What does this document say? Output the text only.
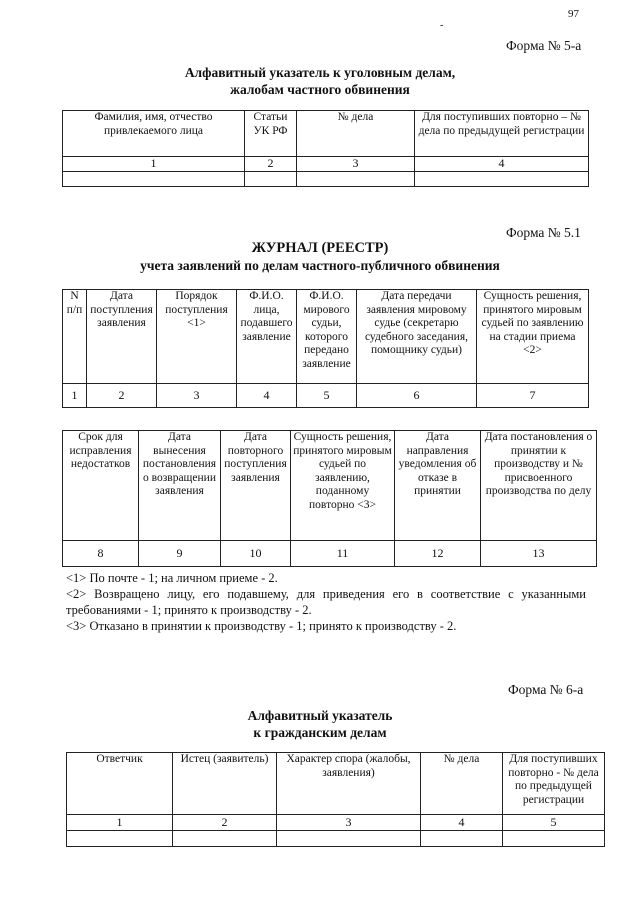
97
-
Форма № 5-а
Алфавитный указатель к уголовным делам,
жалобам частного обвинения
Фамилия, имя, отчество привлекаемого лица	Статьи УК РФ	№ дела	Для поступивших повторно – № дела по предыдущей регистрации
1	2	3	4

Форма № 5.1
ЖУРНАЛ (РЕЕСТР)
учета заявлений по делам частного-публичного обвинения
N п/п	Дата поступления заявления	Порядок поступления <1>	Ф.И.О. лица, подавшего заявление	Ф.И.О. мирового судьи, которого передано заявление	Дата передачи заявления мировому судье (секретарю судебного заседания, помощнику судьи)	Сущность решения, принятого мировым судьей по заявлению на стадии приема <2>
1	2	3	4	5	6	7
Срок для исправления недостатков	Дата вынесения постановления о возвращении заявления	Дата повторного поступления заявления	Сущность решения, принятого мировым судьей по заявлению, поданному повторно <3>	Дата направления уведомления об отказе в принятии	Дата постановления о принятии к производству и № присвоенного производства по делу
8	9	10	11	12	13

<1> По почте - 1; на личном приеме - 2.

<2> Возвращено лицу, его подавшему, для приведения его в соответствие с указанными требованиями - 1; принято к производству - 2.

<3> Отказано в принятии к производству - 1; принято к производству - 2.

Форма № 6-а
Алфавитный указатель
к гражданским делам
Ответчик	Истец (заявитель)	Характер спора (жалобы, заявления)	№ дела	Для поступивших повторно - № дела по предыдущей регистрации
1	2	3	4	5
